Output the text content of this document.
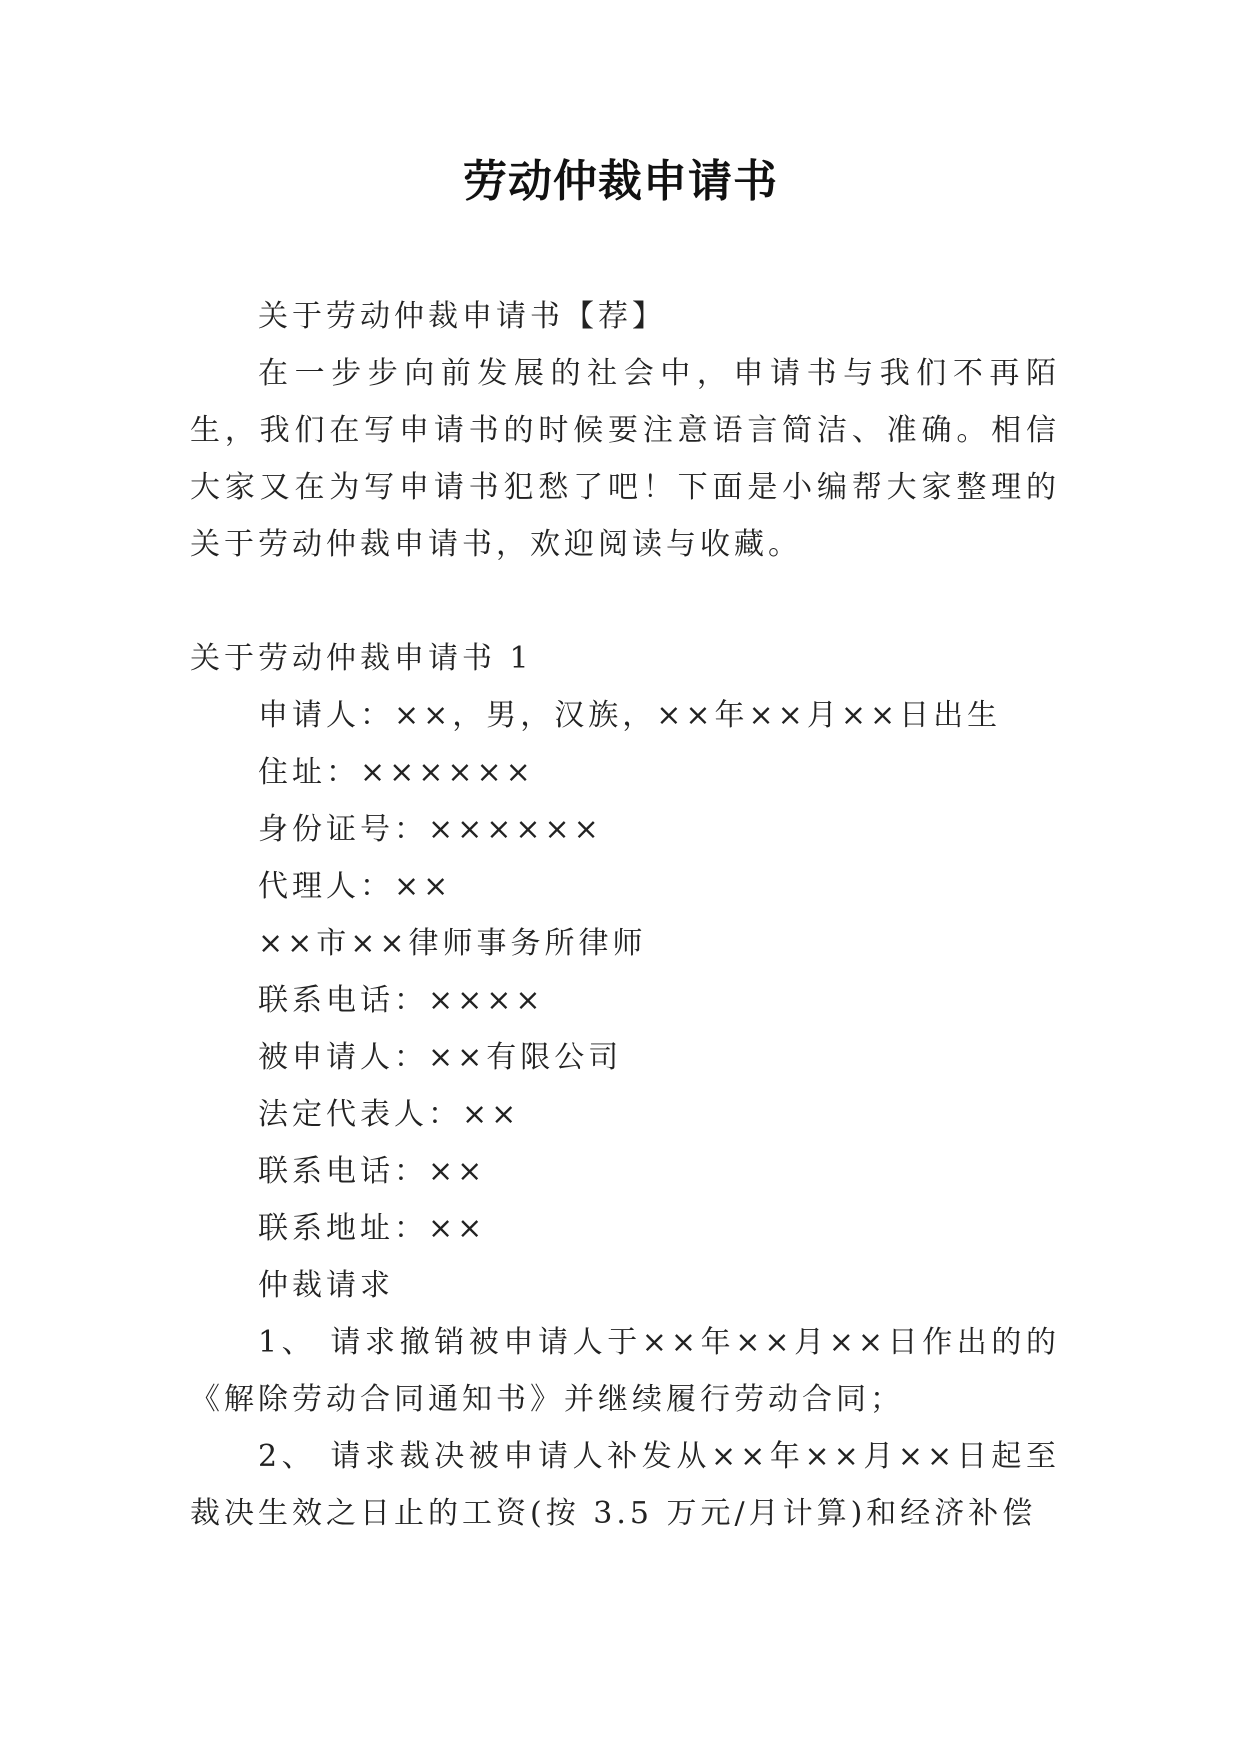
劳动仲裁申请书

关于劳动仲裁申请书【荐】

在一步步向前发展的社会中，申请书与我们不再陌生，我们在写申请书的时候要注意语言简洁、准确。相信大家又在为写申请书犯愁了吧！下面是小编帮大家整理的关于劳动仲裁申请书，欢迎阅读与收藏。

关于劳动仲裁申请书 1

申请人：××，男，汉族，××年××月××日出生

住址：××××××

身份证号：××××××

代理人：××

××市××律师事务所律师

联系电话：××××

被申请人：××有限公司

法定代表人：××

联系电话：××

联系地址：××

仲裁请求

1、 请求撤销被申请人于××年××月××日作出的的《解除劳动合同通知书》并继续履行劳动合同；

2、 请求裁决被申请人补发从××年××月××日起至裁决生效之日止的工资(按 3.5 万元/月计算)和经济补偿
